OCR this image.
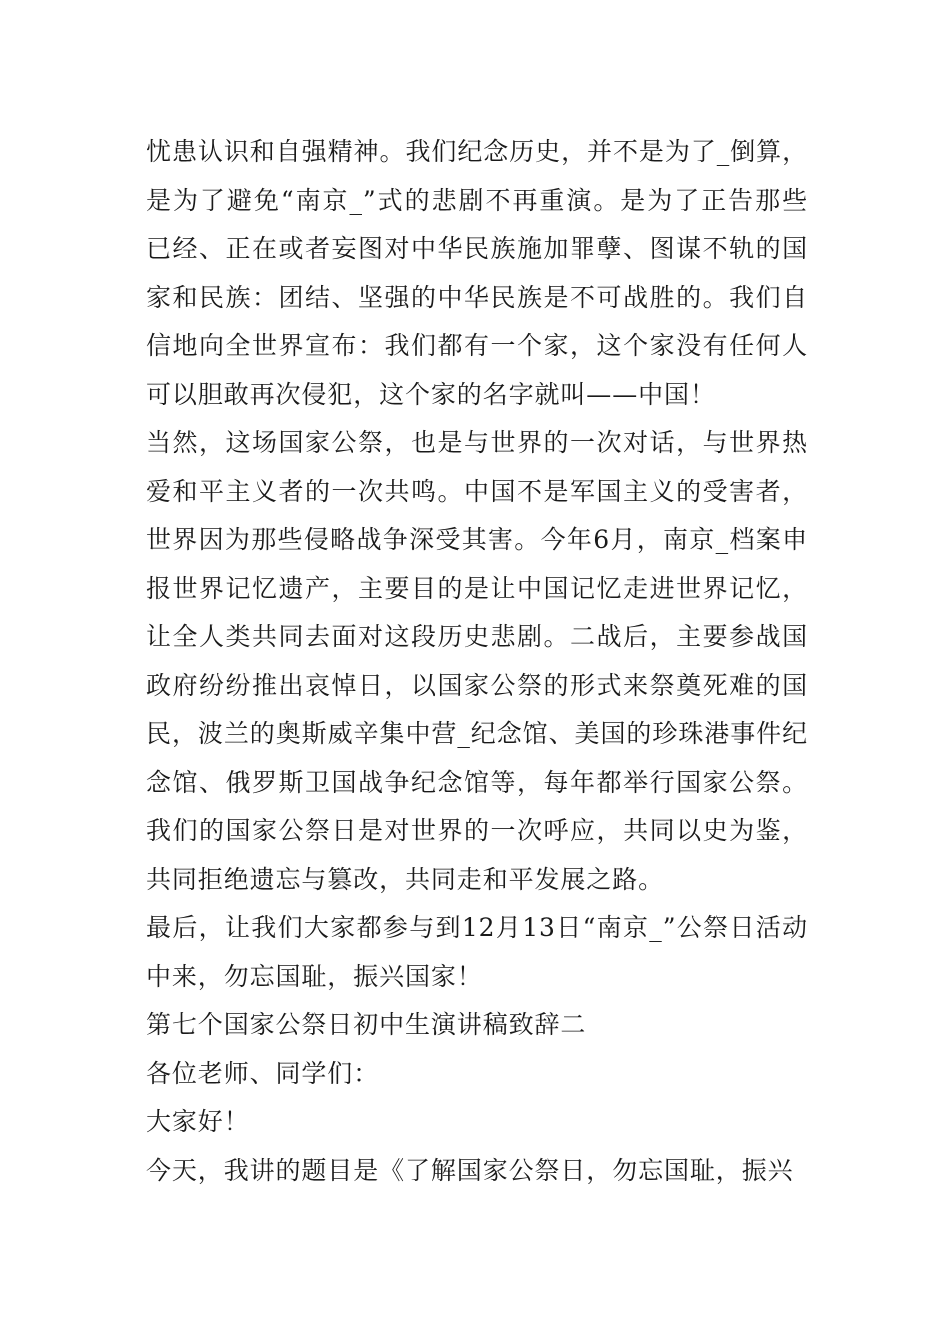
忧患认识和自强精神。我们纪念历史，并不是为了_倒算，是为了避免“南京_”式的悲剧不再重演。是为了正告那些已经、正在或者妄图对中华民族施加罪孽、图谋不轨的国家和民族：团结、坚强的中华民族是不可战胜的。我们自信地向全世界宣布：我们都有一个家，这个家没有任何人可以胆敢再次侵犯，这个家的名字就叫——中国！

当然，这场国家公祭，也是与世界的一次对话，与世界热爱和平主义者的一次共鸣。中国不是军国主义的受害者，世界因为那些侵略战争深受其害。今年6月，南京_档案申报世界记忆遗产，主要目的是让中国记忆走进世界记忆，让全人类共同去面对这段历史悲剧。二战后，主要参战国政府纷纷推出哀悼日，以国家公祭的形式来祭奠死难的国民，波兰的奥斯威辛集中营_纪念馆、美国的珍珠港事件纪念馆、俄罗斯卫国战争纪念馆等，每年都举行国家公祭。我们的国家公祭日是对世界的一次呼应，共同以史为鉴，共同拒绝遗忘与篡改，共同走和平发展之路。

最后，让我们大家都参与到12月13日“南京_”公祭日活动中来，勿忘国耻，振兴国家！

第七个国家公祭日初中生演讲稿致辞二

各位老师、同学们：

大家好！

今天，我讲的题目是《了解国家公祭日，勿忘国耻，振兴
